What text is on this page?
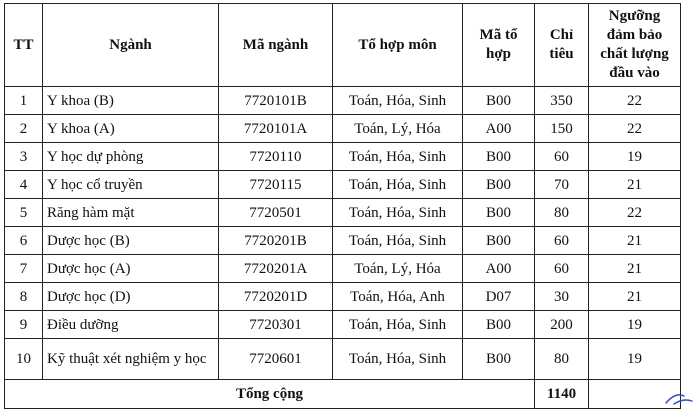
TT	Ngành	Mã ngành	Tổ hợp môn	Mã tổ hợp	Chỉ tiêu	Ngưỡng đảm bảo chất lượng đầu vào
1	Y khoa (B)	7720101B	Toán, Hóa, Sinh	B00	350	22
2	Y khoa (A)	7720101A	Toán, Lý, Hóa	A00	150	22
3	Y học dự phòng	7720110	Toán, Hóa, Sinh	B00	60	19
4	Y học cổ truyền	7720115	Toán, Hóa, Sinh	B00	70	21
5	Răng hàm mặt	7720501	Toán, Hóa, Sinh	B00	80	22
6	Dược học (B)	7720201B	Toán, Hóa, Sinh	B00	60	21
7	Dược học (A)	7720201A	Toán, Lý, Hóa	A00	60	21
8	Dược học (D)	7720201D	Toán, Hóa, Anh	D07	30	21
9	Điều dưỡng	7720301	Toán, Hóa, Sinh	B00	200	19
10	Kỹ thuật xét nghiệm y học	7720601	Toán, Hóa, Sinh	B00	80	19
Tổng cộng					1140	
